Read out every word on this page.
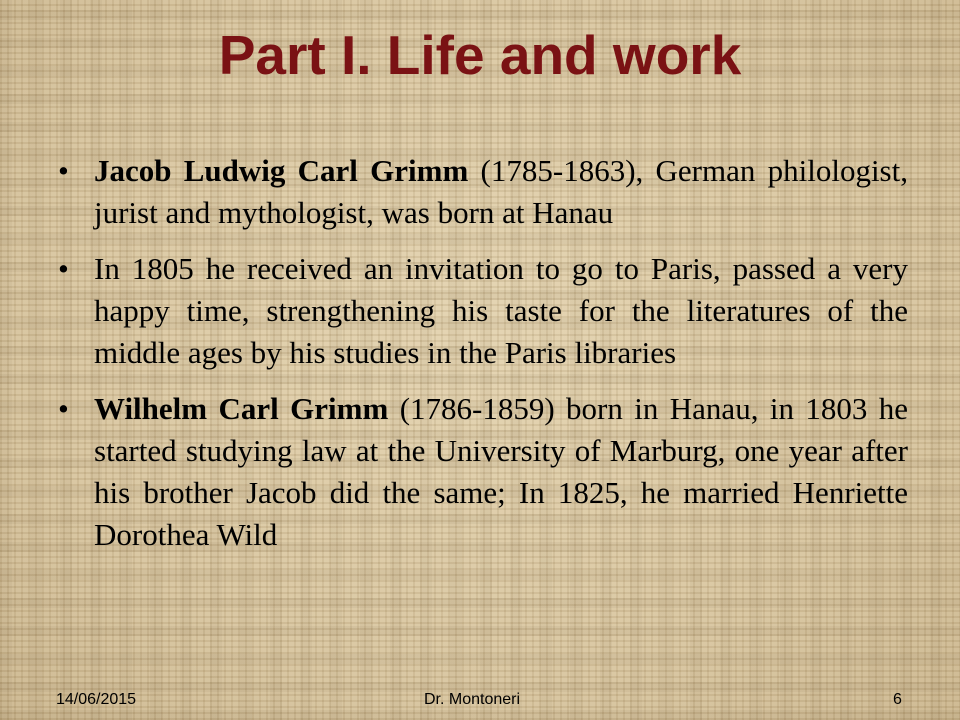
Part I. Life and work
• Jacob Ludwig Carl Grimm (1785-1863), German philologist, jurist and mythologist, was born at Hanau
• In 1805 he received an invitation to go to Paris, passed a very happy time, strengthening his taste for the literatures of the middle ages by his studies in the Paris libraries
• Wilhelm Carl Grimm (1786-1859) born in Hanau, in 1803 he started studying law at the University of Marburg, one year after his brother Jacob did the same; In 1825, he married Henriette Dorothea Wild
14/06/2015	Dr. Montoneri	6
